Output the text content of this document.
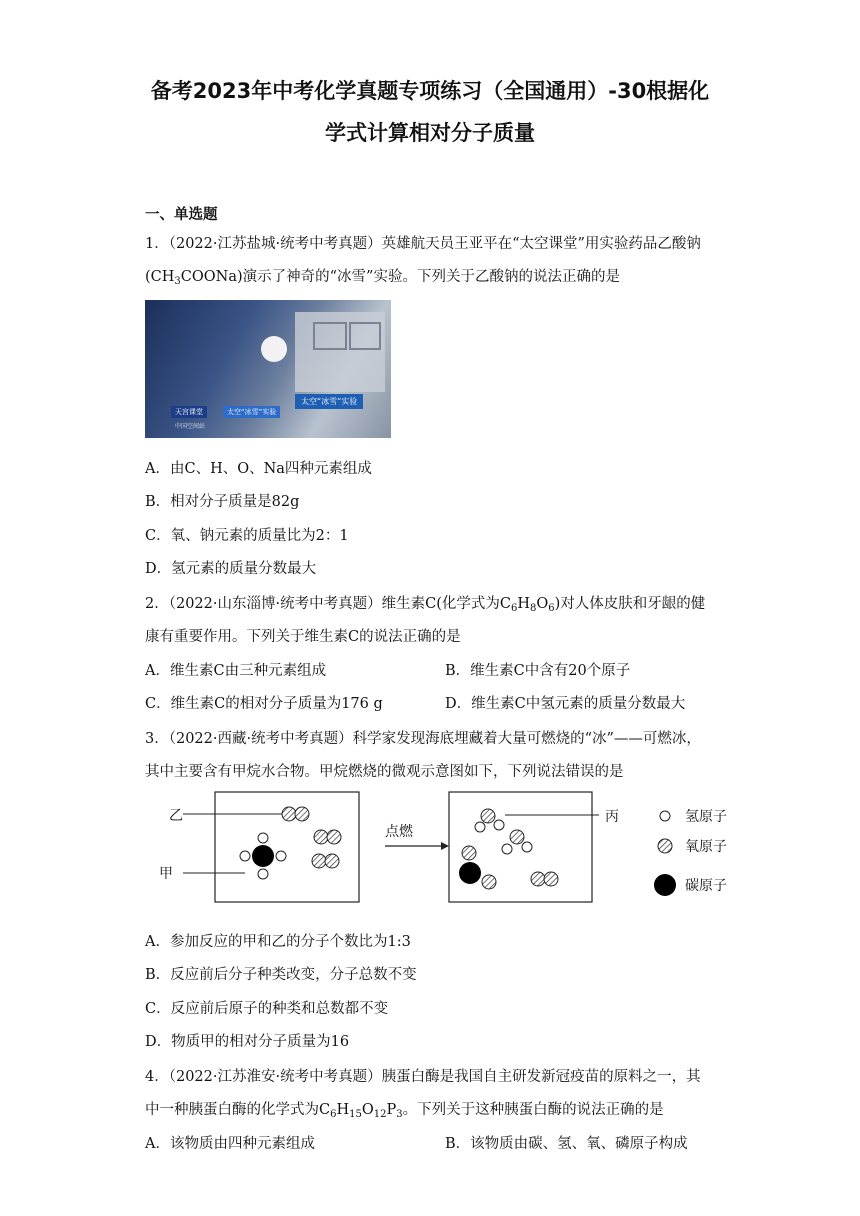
备考2023年中考化学真题专项练习（全国通用）-30根据化
学式计算相对分子质量
一、单选题
1．（2022·江苏盐城·统考中考真题）英雄航天员王亚平在“太空课堂”用实验药品乙酸钠
$(CH_3COONa)$演示了神奇的“冰雪”实验。下列关于乙酸钠的说法正确的是
太空“冰雪”实验
天宫课堂	太空“冰雪”实验
中国空间站
A．由C、H、O、Na四种元素组成
B．相对分子质量是82g
C．氧、钠元素的质量比为2：1
D．氢元素的质量分数最大
2．（2022·山东淄博·统考中考真题）维生素C(化学式为$C_6H_8O_6$)对人体皮肤和牙龈的健
康有重要作用。下列关于维生素C的说法正确的是
A．维生素C由三种元素组成	B．维生素C中含有20个原子
C．维生素C的相对分子质量为176 g	D．维生素C中氢元素的质量分数最大
3．（2022·西藏·统考中考真题）科学家发现海底埋藏着大量可燃烧的“冰”——可燃冰，
其中主要含有甲烷水合物。甲烷燃烧的微观示意图如下，下列说法错误的是
乙
甲
点燃
丙	氢原子
氧原子
碳原子
A．参加反应的甲和乙的分子个数比为1:3
B．反应前后分子种类改变，分子总数不变
C．反应前后原子的种类和总数都不变
D．物质甲的相对分子质量为16
4．（2022·江苏淮安·统考中考真题）胰蛋白酶是我国自主研发新冠疫苗的原料之一，其
中一种胰蛋白酶的化学式为$C_6H_{15}O_{12}P_3$。下列关于这种胰蛋白酶的说法正确的是
A．该物质由四种元素组成	B．该物质由碳、氢、氧、磷原子构成
